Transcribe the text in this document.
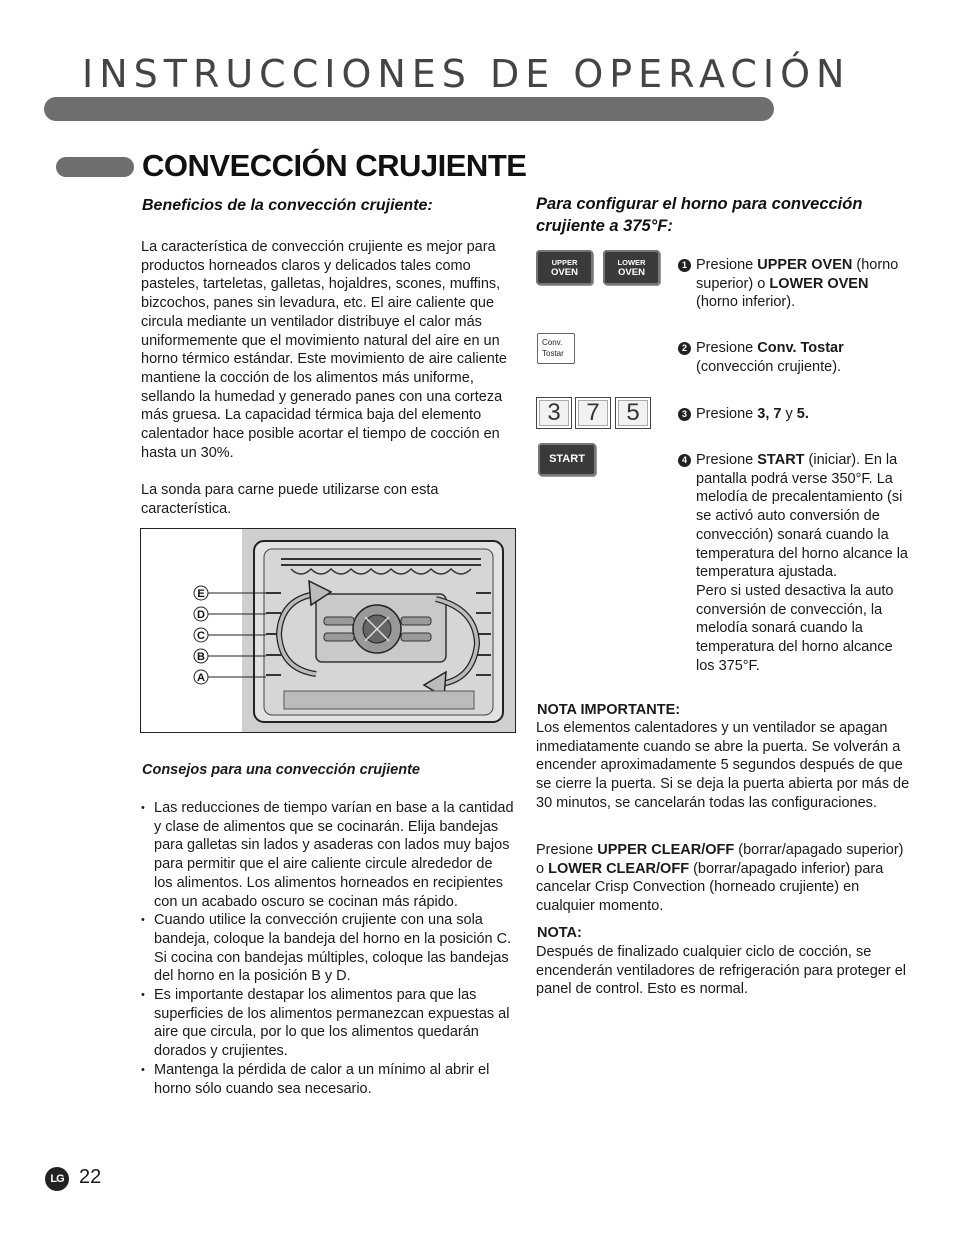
INSTRUCCIONES DE OPERACIÓN
CONVECCIÓN CRUJIENTE
Beneficios de la convección crujiente:
La característica de convección crujiente es mejor para productos horneados claros y delicados tales como pasteles, tarteletas, galletas, hojaldres, scones, muffins, bizcochos, panes sin levadura, etc. El aire caliente que circula mediante un ventilador distribuye el calor más uniformemente que el movimiento natural del aire en un horno térmico estándar. Este movimiento de aire caliente mantiene la cocción de los alimentos más uniforme, sellando la humedad y generado panes con una corteza más gruesa. La capacidad térmica baja del elemento calentador hace posible acortar el tiempo de cocción en hasta un 30%.
La sonda para carne puede utilizarse con esta característica.
E
D
C
B
A
Consejos para una convección crujiente
• Las reducciones de tiempo varían en base a la cantidad y clase de alimentos que se cocinarán. Elija bandejas para galletas sin lados y asaderas con lados muy bajos para permitir que el aire caliente circule alrededor de los alimentos. Los alimentos horneados en recipientes con un acabado oscuro se cocinan más rápido.
• Cuando utilice la convección crujiente con una sola bandeja, coloque la bandeja del horno en la posición C. Si cocina con bandejas múltiples, coloque las bandejas del horno en la posición B y D.
• Es importante destapar los alimentos para que las superficies de los alimentos permanezcan expuestas al aire que circula, por lo que los alimentos quedarán dorados y crujientes.
• Mantenga la pérdida de calor a un mínimo al abrir el horno sólo cuando sea necesario.
Para configurar el horno para convección crujiente a 375°F:
UPPER
OVEN
LOWER
OVEN
1 Presione UPPER OVEN (horno superior) o LOWER OVEN (horno inferior).
Conv.
Tostar
2 Presione Conv. Tostar (convección crujiente).
3	7	5	3 Presione 3, 7 y 5.
START	4 Presione START (iniciar). En la pantalla podrá verse 350°F. La melodía de precalentamiento (si se activó auto conversión de convección) sonará cuando la temperatura del horno alcance la temperatura ajustada.
Pero si usted desactiva la auto conversión de convección, la melodía sonará cuando la temperatura del horno alcance los 375°F.
NOTA IMPORTANTE:
Los elementos calentadores y un ventilador se apagan inmediatamente cuando se abre la puerta. Se volverán a encender aproximadamente 5 segundos después de que se cierre la puerta. Si se deja la puerta abierta por más de 30 minutos, se cancelarán todas las configuraciones.
Presione UPPER CLEAR/OFF (borrar/apagado superior) o LOWER CLEAR/OFF (borrar/apagado inferior) para cancelar Crisp Convection (horneado crujiente) en cualquier momento.
NOTA:
Después de finalizado cualquier ciclo de cocción, se encenderán ventiladores de refrigeración para proteger el panel de control. Esto es normal.
LG 22
